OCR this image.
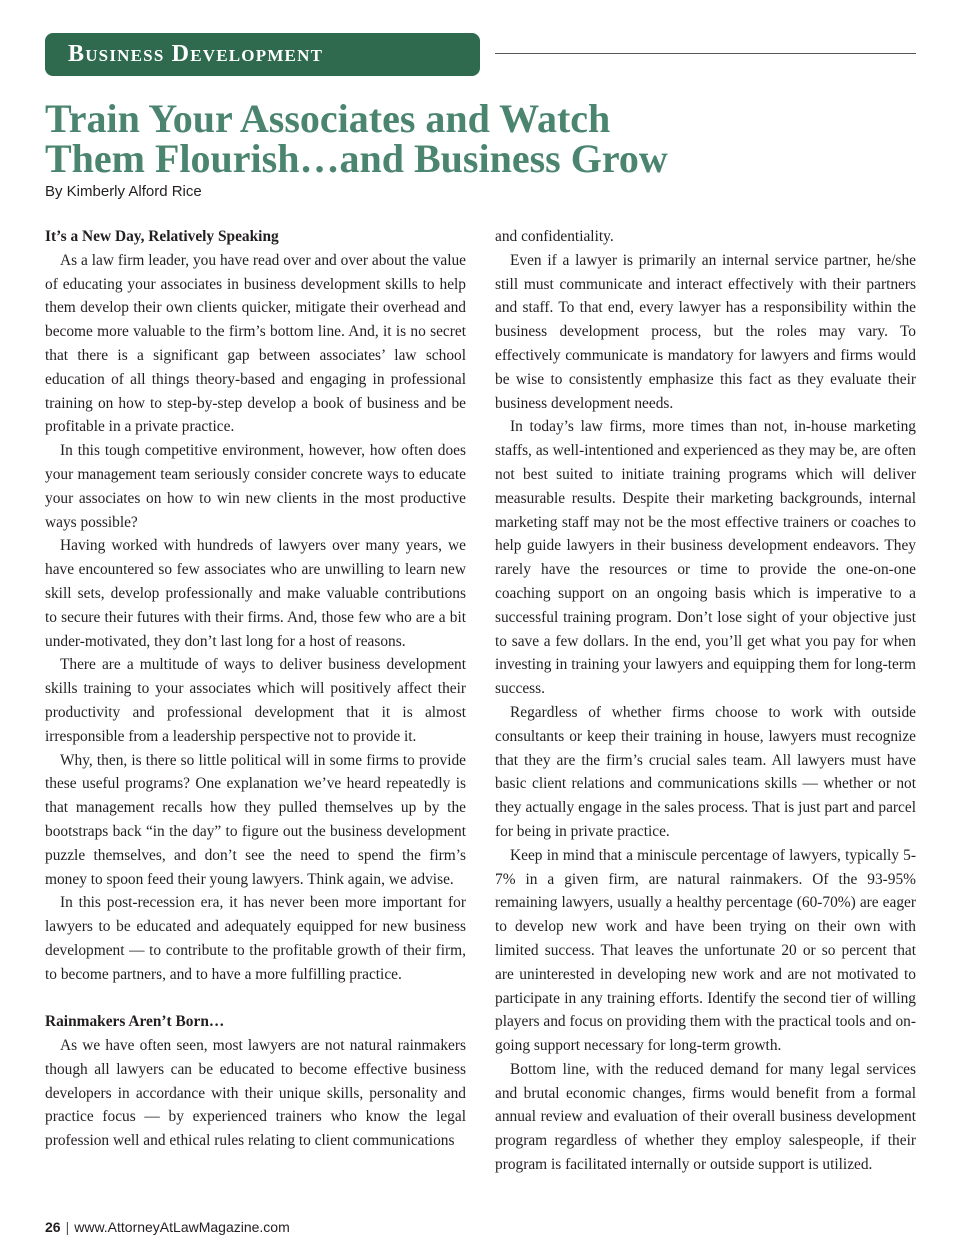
Business Development
Train Your Associates and Watch
Them Flourish…and Business Grow
By Kimberly Alford Rice
It’s a New Day, Relatively Speaking

As a law firm leader, you have read over and over about the value of educating your associates in business development skills to help them develop their own clients quicker, mitigate their overhead and become more valuable to the firm’s bottom line. And, it is no secret that there is a significant gap between associates’ law school education of all things theory-based and engaging in professional training on how to step-by-step develop a book of business and be profitable in a private practice.

In this tough competitive environment, however, how often does your management team seriously consider concrete ways to educate your associates on how to win new clients in the most productive ways possible?

Having worked with hundreds of lawyers over many years, we have encountered so few associates who are unwilling to learn new skill sets, develop professionally and make valuable contributions to secure their futures with their firms. And, those few who are a bit under-motivated, they don’t last long for a host of reasons.

There are a multitude of ways to deliver business development skills training to your associates which will positively affect their productivity and professional development that it is almost irresponsible from a leadership perspective not to provide it.

Why, then, is there so little political will in some firms to provide these useful programs? One explanation we’ve heard repeatedly is that management recalls how they pulled themselves up by the bootstraps back “in the day” to figure out the business development puzzle themselves, and don’t see the need to spend the firm’s money to spoon feed their young lawyers. Think again, we advise.

In this post-recession era, it has never been more important for lawyers to be educated and adequately equipped for new business development — to contribute to the profitable growth of their firm, to become partners, and to have a more fulfilling practice.

Rainmakers Aren’t Born…

As we have often seen, most lawyers are not natural rainmakers though all lawyers can be educated to become effective business developers in accordance with their unique skills, personality and practice focus — by experienced trainers who know the legal profession well and ethical rules relating to client communications

and confidentiality.

Even if a lawyer is primarily an internal service partner, he/she still must communicate and interact effectively with their partners and staff. To that end, every lawyer has a responsibility within the business development process, but the roles may vary. To effectively communicate is mandatory for lawyers and firms would be wise to consistently emphasize this fact as they evaluate their business development needs.

In today’s law firms, more times than not, in-house marketing staffs, as well-intentioned and experienced as they may be, are often not best suited to initiate training programs which will deliver measurable results. Despite their marketing backgrounds, internal marketing staff may not be the most effective trainers or coaches to help guide lawyers in their business development endeavors. They rarely have the resources or time to provide the one-on-one coaching support on an ongoing basis which is imperative to a successful training program. Don’t lose sight of your objective just to save a few dollars. In the end, you’ll get what you pay for when investing in training your lawyers and equipping them for long-term success.

Regardless of whether firms choose to work with outside consultants or keep their training in house, lawyers must recognize that they are the firm’s crucial sales team. All lawyers must have basic client relations and communications skills — whether or not they actually engage in the sales process. That is just part and parcel for being in private practice.

Keep in mind that a miniscule percentage of lawyers, typically 5-7% in a given firm, are natural rainmakers. Of the 93-95% remaining lawyers, usually a healthy percentage (60-70%) are eager to develop new work and have been trying on their own with limited success. That leaves the unfortunate 20 or so percent that are uninterested in developing new work and are not motivated to participate in any training efforts. Identify the second tier of willing players and focus on providing them with the practical tools and on-going support necessary for long-term growth.

Bottom line, with the reduced demand for many legal services and brutal economic changes, firms would benefit from a formal annual review and evaluation of their overall business development program regardless of whether they employ salespeople, if their program is facilitated internally or outside support is utilized.

26 | www.AttorneyAtLawMagazine.com
